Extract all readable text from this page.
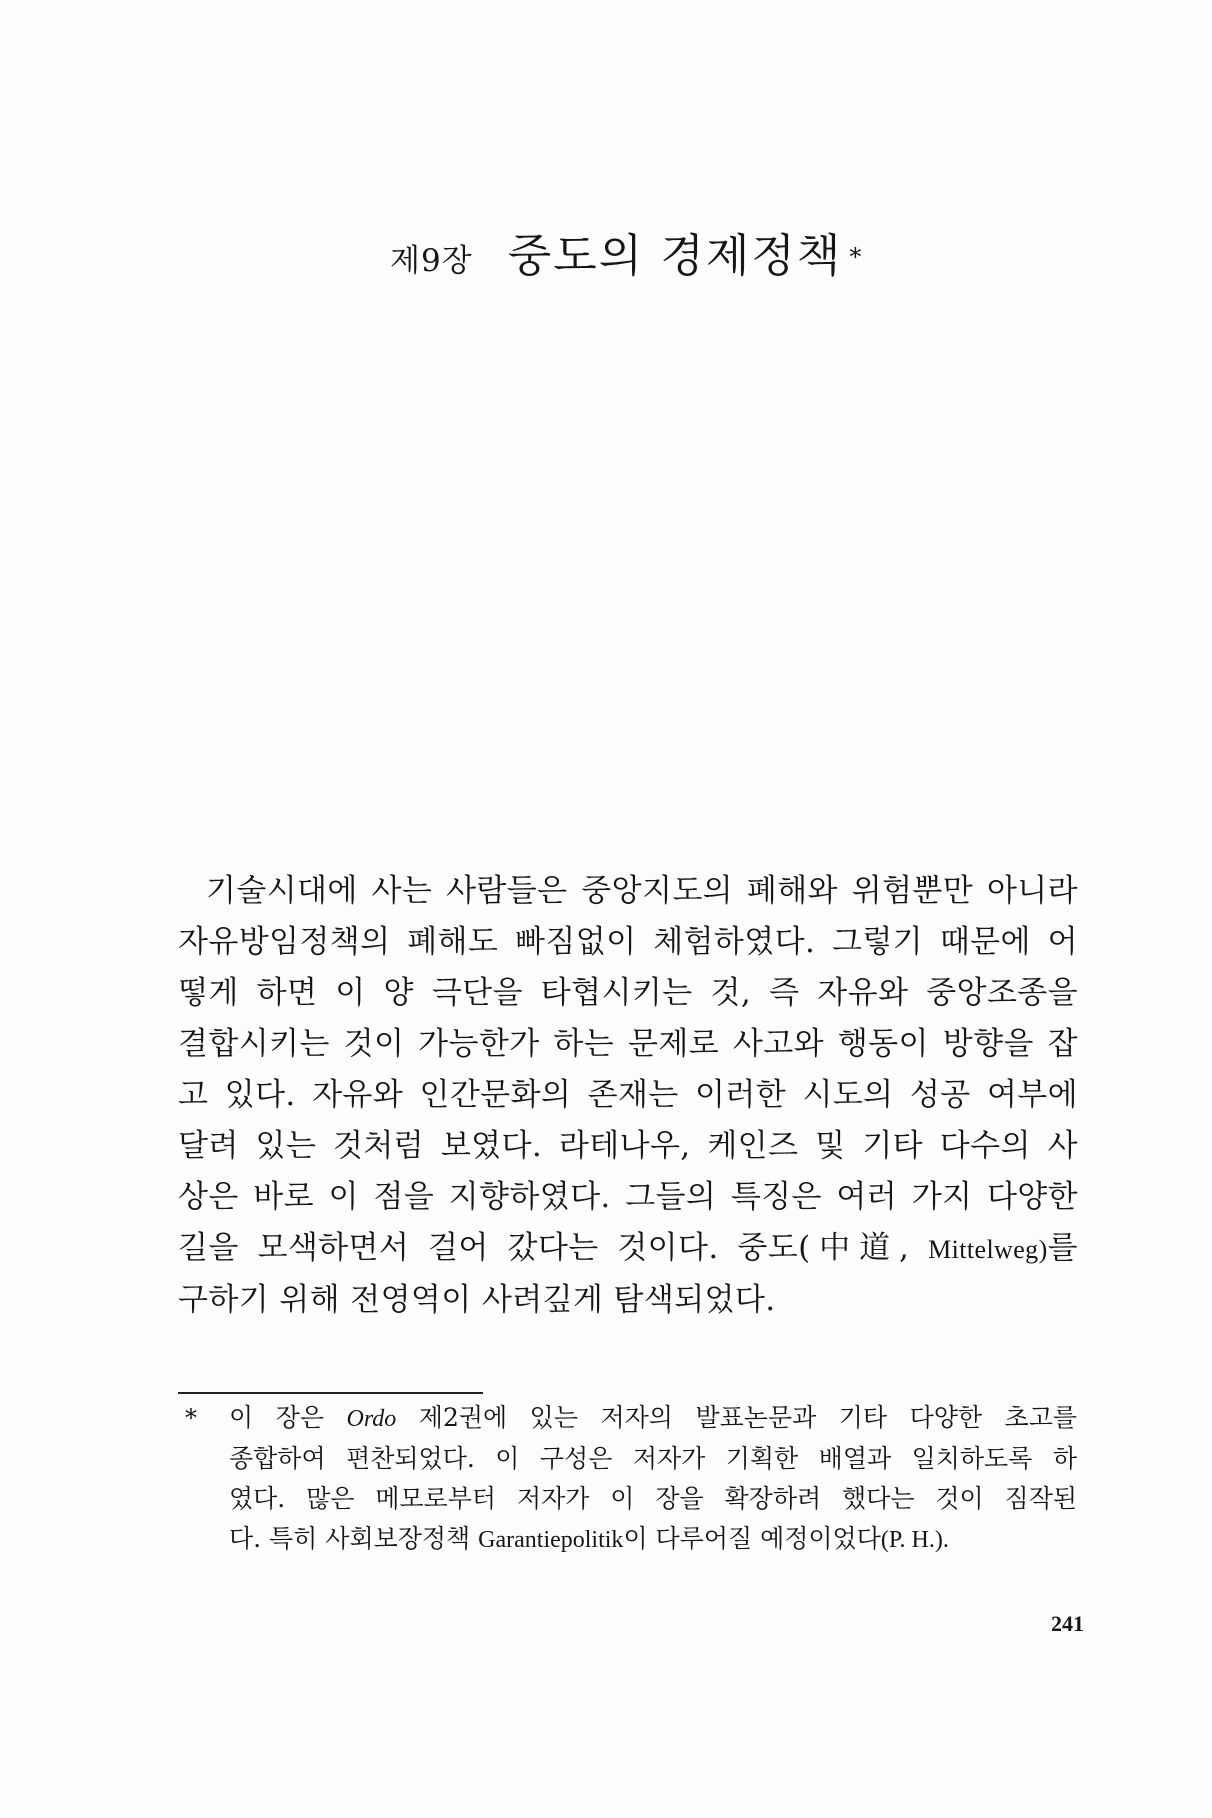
제9장 중도의 경제정책 *
기술시대에 사는 사람들은 중앙지도의 폐해와 위험뿐만 아니라
자유방임정책의 폐해도 빠짐없이 체험하였다. 그렇기 때문에 어
떻게 하면 이 양 극단을 타협시키는 것, 즉 자유와 중앙조종을
결합시키는 것이 가능한가 하는 문제로 사고와 행동이 방향을 잡
고 있다. 자유와 인간문화의 존재는 이러한 시도의 성공 여부에
달려 있는 것처럼 보였다. 라테나우, 케인즈 및 기타 다수의 사
상은 바로 이 점을 지향하였다. 그들의 특징은 여러 가지 다양한
길을 모색하면서 걸어 갔다는 것이다. 중도(中道, Mittelweg)를
구하기 위해 전영역이 사려깊게 탐색되었다.
* 이 장은 Ordo 제2권에 있는 저자의 발표논문과 기타 다양한 초고를
종합하여 편찬되었다. 이 구성은 저자가 기획한 배열과 일치하도록 하
였다. 많은 메모로부터 저자가 이 장을 확장하려 했다는 것이 짐작된
다. 특히 사회보장정책 Garantiepolitik이 다루어질 예정이었다(P. H.).
241
